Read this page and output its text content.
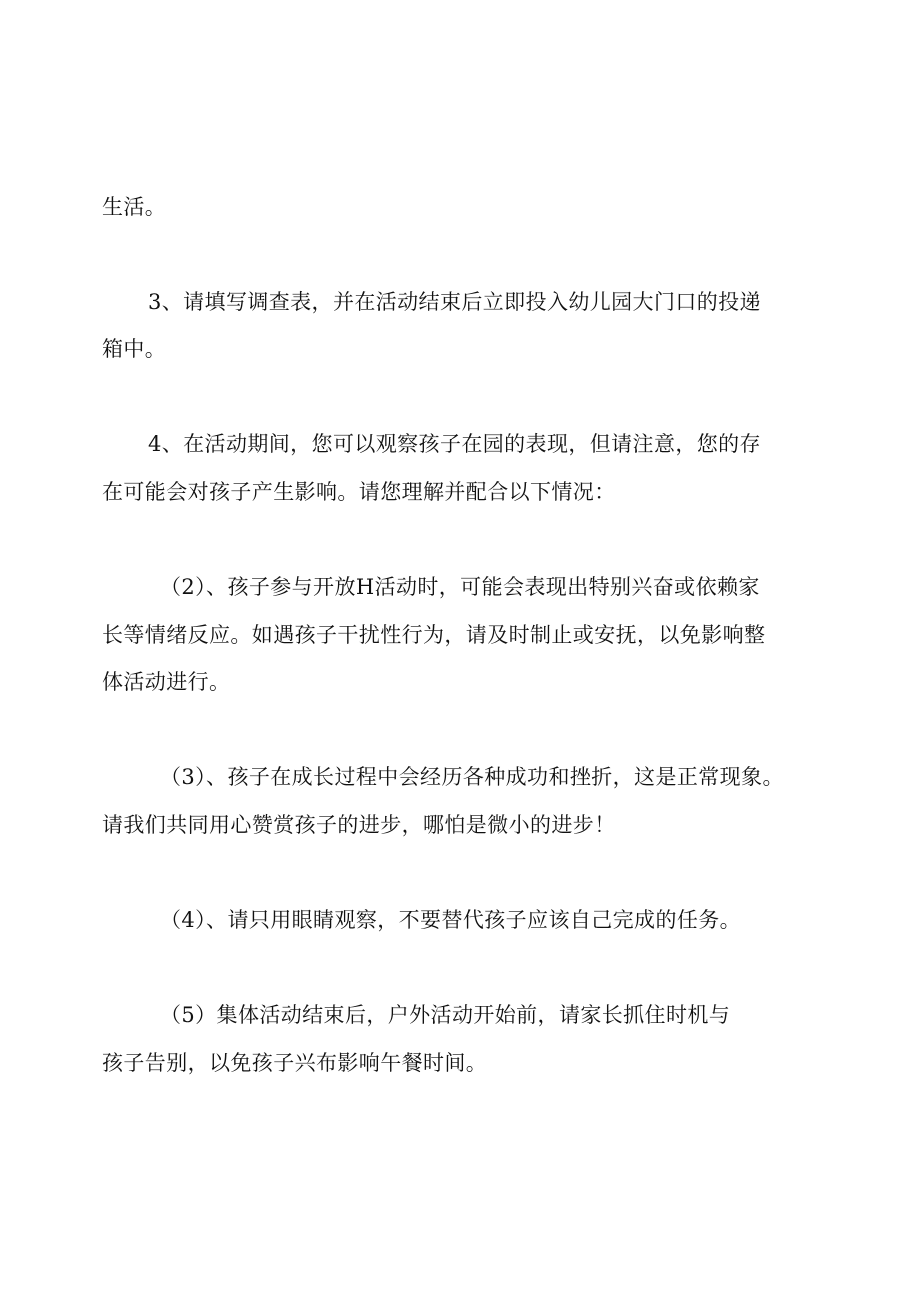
生活。

3、请填写调查表，并在活动结束后立即投入幼儿园大门口的投递

箱中。

4、在活动期间，您可以观察孩子在园的表现，但请注意，您的存

在可能会对孩子产生影响。请您理解并配合以下情况：

（2）、孩子参与开放H活动时，可能会表现出特别兴奋或依赖家

长等情绪反应。如遇孩子干扰性行为，请及时制止或安抚，以免影响整

体活动进行。

（3）、孩子在成长过程中会经历各种成功和挫折，这是正常现象。

请我们共同用心赞赏孩子的进步，哪怕是微小的进步！

（4）、请只用眼睛观察，不要替代孩子应该自己完成的任务。

（5）集体活动结束后，户外活动开始前，请家长抓住时机与

孩子告别，以免孩子兴布影响午餐时间。
